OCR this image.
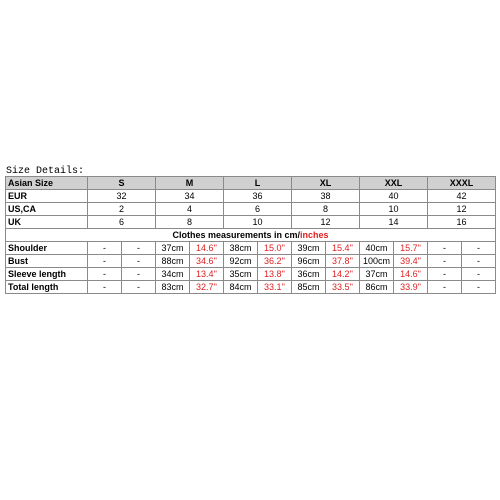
Size Details:
Asian Size	S		M		L		XL		XXL		XXXL	
EUR	32		34		36		38		40		42	
US,CA	2		4		6		8		10		12	
UK	6		8		10		12		14		16	
Clothes measurements in cm/inches												
Shoulder	-	-	37cm	14.6''	38cm	15.0''	39cm	15.4''	40cm	15.7''	-	-
Bust	-	-	88cm	34.6''	92cm	36.2''	96cm	37.8''	100cm	39.4''	-	-
Sleeve length	-	-	34cm	13.4''	35cm	13.8''	36cm	14.2''	37cm	14.6''	-	-
Total length	-	-	83cm	32.7''	84cm	33.1''	85cm	33.5''	86cm	33.9''	-	-
